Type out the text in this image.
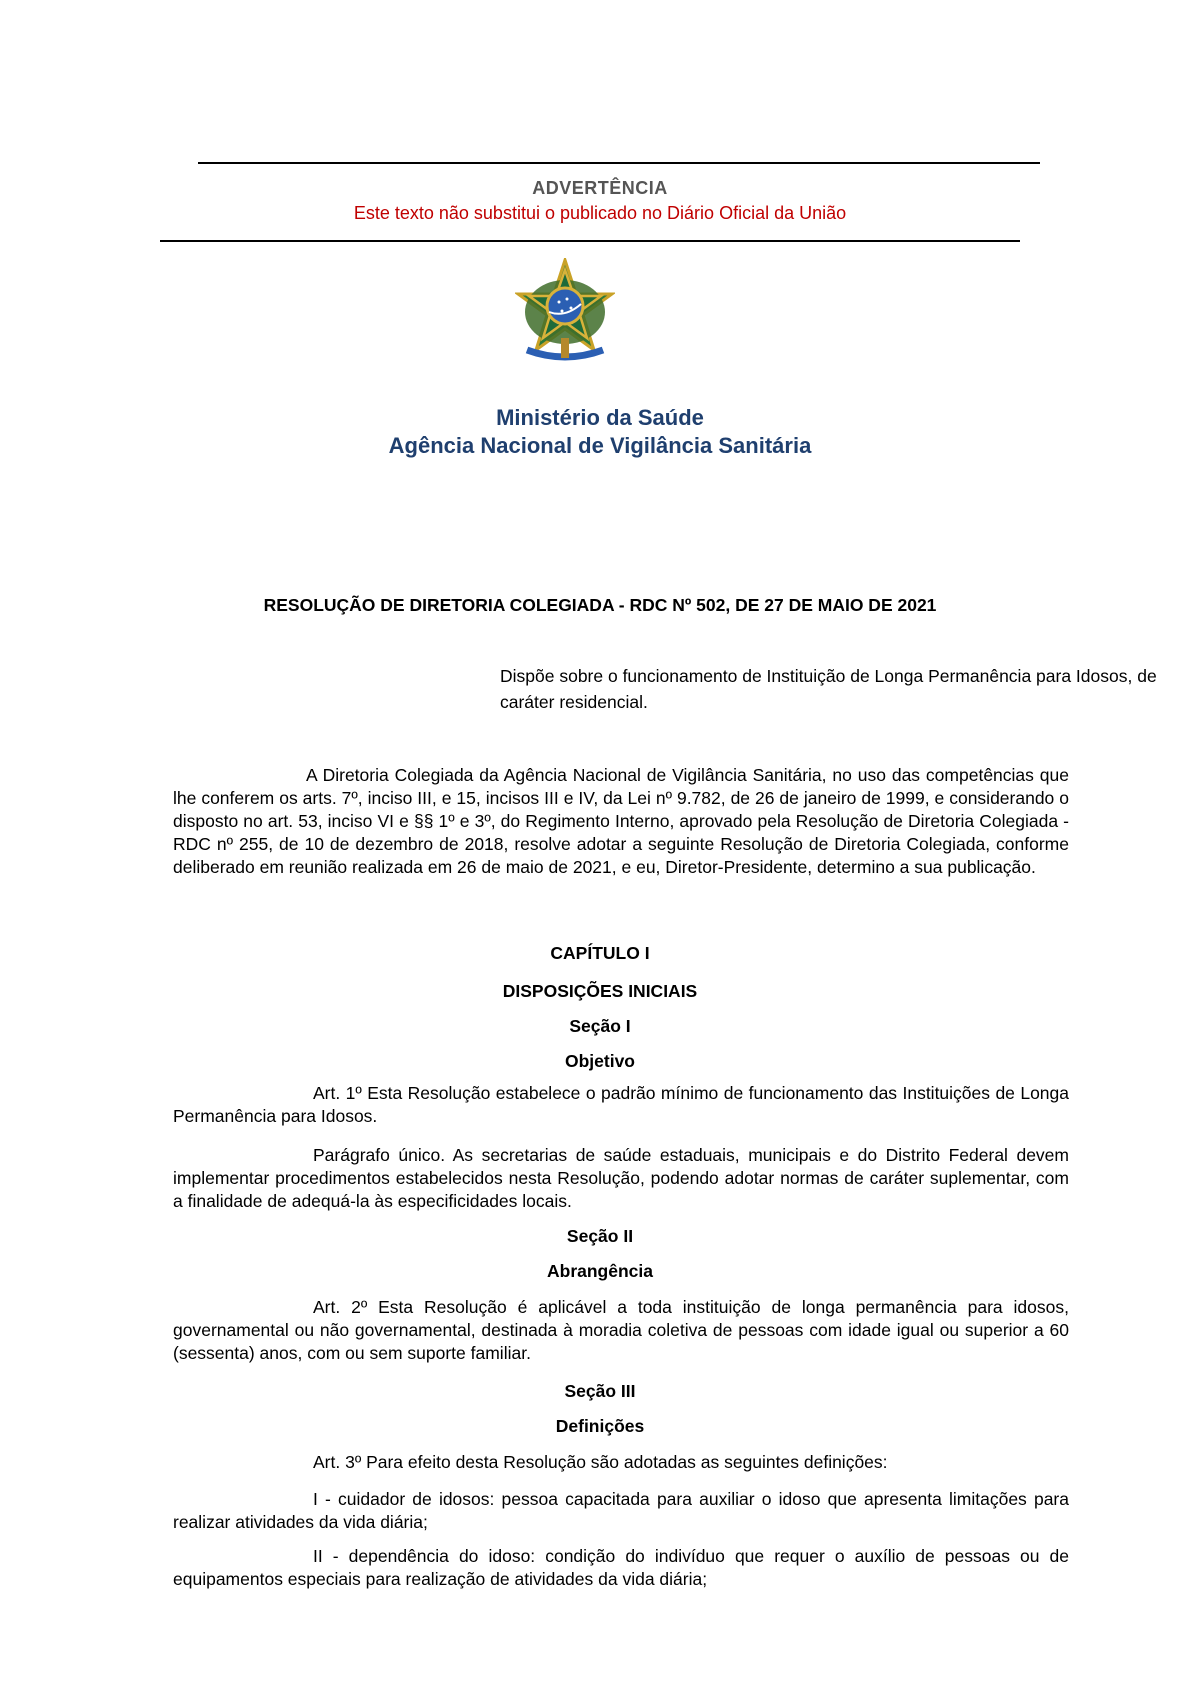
ADVERTÊNCIA
Este texto não substitui o publicado no Diário Oficial da União
Ministério da Saúde
Agência Nacional de Vigilância Sanitária
RESOLUÇÃO DE DIRETORIA COLEGIADA - RDC Nº 502, DE 27 DE MAIO DE 2021
Dispõe sobre o funcionamento de Instituição de Longa Permanência para Idosos, de caráter residencial.
A Diretoria Colegiada da Agência Nacional de Vigilância Sanitária, no uso das competências que lhe conferem os arts. 7º, inciso III, e 15, incisos III e IV, da Lei nº 9.782, de 26 de janeiro de 1999, e considerando o disposto no art. 53, inciso VI e §§ 1º e 3º, do Regimento Interno, aprovado pela Resolução de Diretoria Colegiada - RDC nº 255, de 10 de dezembro de 2018, resolve adotar a seguinte Resolução de Diretoria Colegiada, conforme deliberado em reunião realizada em 26 de maio de 2021, e eu, Diretor-Presidente, determino a sua publicação.
CAPÍTULO I
DISPOSIÇÕES INICIAIS
Seção I
Objetivo

Art. 1º Esta Resolução estabelece o padrão mínimo de funcionamento das Instituições de Longa Permanência para Idosos.

Parágrafo único. As secretarias de saúde estaduais, municipais e do Distrito Federal devem implementar procedimentos estabelecidos nesta Resolução, podendo adotar normas de caráter suplementar, com a finalidade de adequá-la às especificidades locais.

Seção II
Abrangência

Art. 2º Esta Resolução é aplicável a toda instituição de longa permanência para idosos, governamental ou não governamental, destinada à moradia coletiva de pessoas com idade igual ou superior a 60 (sessenta) anos, com ou sem suporte familiar.

Seção III
Definições

Art. 3º Para efeito desta Resolução são adotadas as seguintes definições:

I - cuidador de idosos: pessoa capacitada para auxiliar o idoso que apresenta limitações para realizar atividades da vida diária;

II - dependência do idoso: condição do indivíduo que requer o auxílio de pessoas ou de equipamentos especiais para realização de atividades da vida diária;
